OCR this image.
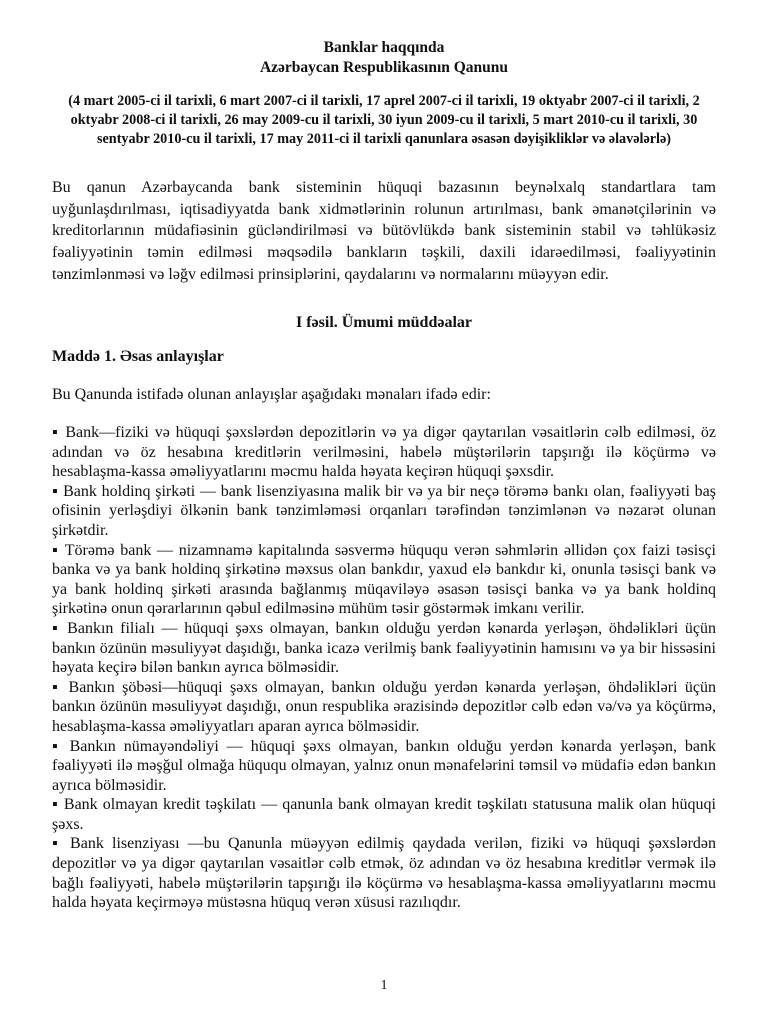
Banklar haqqında

Azərbaycan Respublikasının Qanunu

(4 mart 2005-ci il tarixli, 6 mart 2007-ci il tarixli, 17 aprel 2007-ci il tarixli, 19 oktyabr 2007-ci il tarixli, 2 oktyabr 2008-ci il tarixli, 26 may 2009-cu il tarixli, 30 iyun 2009-cu il tarixli, 5 mart 2010-cu il tarixli, 30 sentyabr 2010-cu il tarixli, 17 may 2011-ci il tarixli qanunlara əsasən dəyişikliklər və əlavələrlə)

Bu qanun Azərbaycanda bank sisteminin hüquqi bazasının beynəlxalq standartlara tam uyğunlaşdırılması, iqtisadiyyatda bank xidmətlərinin rolunun artırılması, bank əmanətçilərinin və kreditorlarının müdafiəsinin gücləndirilməsi və bütövlükdə bank sisteminin stabil və təhlükəsiz fəaliyyətinin təmin edilməsi məqsədilə bankların təşkili, daxili idarəedilməsi, fəaliyyətinin tənzimlənməsi və ləğv edilməsi prinsiplərini, qaydalarını və normalarını müəyyən edir.

I fəsil. Ümumi müddəalar

Maddə 1. Əsas anlayışlar

Bu Qanunda istifadə olunan anlayışlar aşağıdakı mənaları ifadə edir:

▪ Bank—fiziki və hüquqi şəxslərdən depozitlərin və ya digər qaytarılan vəsaitlərin cəlb edilməsi, öz adından və öz hesabına kreditlərin verilməsini, habelə müştərilərin tapşırığı ilə köçürmə və hesablaşma-kassa əməliyyatlarını məcmu halda həyata keçirən hüquqi şəxsdir.

▪ Bank holdinq şirkəti — bank lisenziyasına malik bir və ya bir neçə törəmə bankı olan, fəaliyyəti baş ofisinin yerləşdiyi ölkənin bank tənzimləməsi orqanları tərəfindən tənzimlənən və nəzarət olunan şirkətdir.

▪ Törəmə bank — nizamnamə kapitalında səsvermə hüququ verən səhmlərin əllidən çox faizi təsisçi banka və ya bank holdinq şirkətinə məxsus olan bankdır, yaxud elə bankdır ki, onunla təsisçi bank və ya bank holdinq şirkəti arasında bağlanmış müqaviləyə əsasən təsisçi banka və ya bank holdinq şirkətinə onun qərarlarının qəbul edilməsinə mühüm təsir göstərmək imkanı verilir.

▪ Bankın filialı — hüquqi şəxs olmayan, bankın olduğu yerdən kənarda yerləşən, öhdəlikləri üçün bankın özünün məsuliyyət daşıdığı, banka icazə verilmiş bank fəaliyyətinin hamısını və ya bir hissəsini həyata keçirə bilən bankın ayrıca bölməsidir.

▪ Bankın şöbəsi—hüquqi şəxs olmayan, bankın olduğu yerdən kənarda yerləşən, öhdəlikləri üçün bankın özünün məsuliyyət daşıdığı, onun respublika ərazisində depozitlər cəlb edən və/və ya köçürmə, hesablaşma-kassa əməliyyatları aparan ayrıca bölməsidir.

▪ Bankın nümayəndəliyi — hüquqi şəxs olmayan, bankın olduğu yerdən kənarda yerləşən, bank fəaliyyəti ilə məşğul olmağa hüququ olmayan, yalnız onun mənafelərini təmsil və müdafiə edən bankın ayrıca bölməsidir.

▪ Bank olmayan kredit təşkilatı — qanunla bank olmayan kredit təşkilatı statusuna malik olan hüquqi şəxs.

▪ Bank lisenziyası —bu Qanunla müəyyən edilmiş qaydada verilən, fiziki və hüquqi şəxslərdən depozitlər və ya digər qaytarılan vəsaitlər cəlb etmək, öz adından və öz hesabına kreditlər vermək ilə bağlı fəaliyyəti, habelə müştərilərin tapşırığı ilə köçürmə və hesablaşma-kassa əməliyyatlarını məcmu halda həyata keçirməyə müstəsna hüquq verən xüsusi razılıqdır.

1
